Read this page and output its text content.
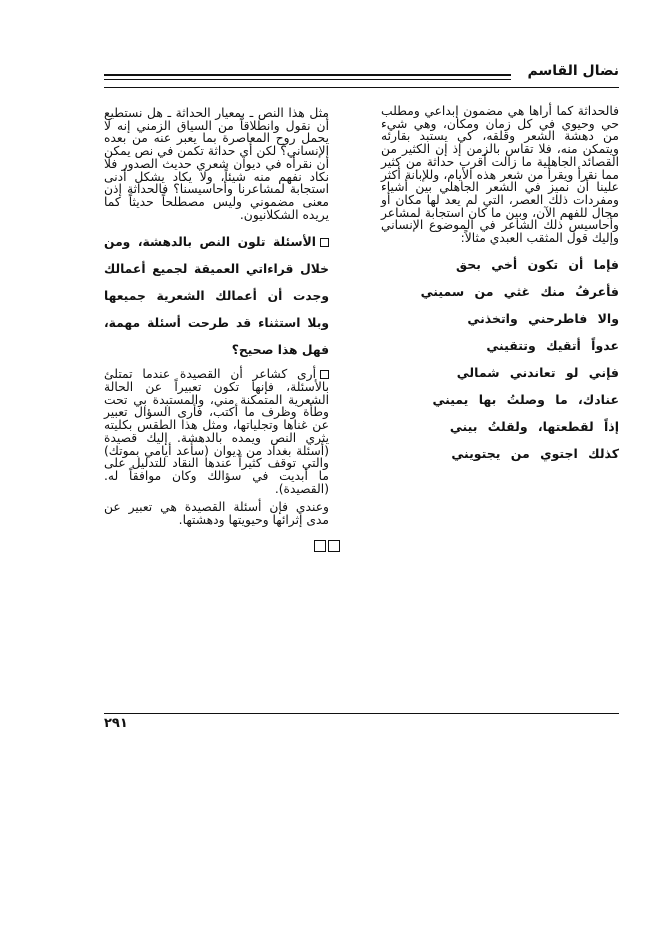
نضال القاسم

فالحداثة كما أراها هي مضمون إبداعي ومطلب حي وحيوي في كل زمان ومكان، وهي شيء من دهشة الشعر وقلقه، كي يستبد بقارئه ويتمكن منه، فلا تقاس بالزمن إذ إن الكثير من القصائد الجاهلية ما زالت أقرب حداثة من كثير مما نقرأ ويقرأ من شعر هذه الأيام، وللإبانة أكثر علينا أن نميز في الشعر الجاهلي بين أشياء ومفردات ذلك العصر، التي لم يعد لها مكان أو مجال للفهم الآن، وبين ما كان استجابة لمشاعر وأحاسيس ذلك الشاعر في الموضوع الإنساني وإليك قول المثقب العبدي مثالاً:

فإما أن تكون أخي بحق
فأعرفُ منك غثي من سميني
والا فاطرحني واتخذني
عدواً أتقيك وتتقيني
فإني لو تعاندني شمالي
عنادك، ما وصلتُ بها يميني
إذاً لقطعتها، ولقلتُ بيني
كذلك اجتوي من يجتويني

مثل هذا النص ـ بمعيار الحداثة ـ هل نستطيع أن نقول وانطلاقاً من السياق الزمني إنه لا يحمل روح المعاصرة بما يعبر عنه من بعده الإنساني؟ لكن أي حداثة تكمن في نص يمكن أن نقرأه في ديوان شعري حديث الصدور فلا نكاد نفهم منه شيئاً، ولا يكاد يشكل أدنى استجابة لمشاعرنا وأحاسيسنا؟ فالحداثة إذن معنى مضموني وليس مصطلحاً حديثاً كما يريده الشكلانيون.

الأسئلة تلون النص بالدهشة، ومن خلال قراءاتي العميقة لجميع أعمالك وجدت أن أعمالك الشعرية جميعها وبلا استثناء قد طرحت أسئلة مهمة، فهل هذا صحيح؟

أرى كشاعر أن القصيدة عندما تمتلئ بالأسئلة، فإنها تكون تعبيراً عن الحالة الشعرية المتمكنة مني، والمستبدة بي تحت وطأة وظرف ما أكتب، فأرى السؤال تعبير عن غناها وتجلياتها، ومثل هذا الطقس بكليته يثري النص ويمده بالدهشة. إليك قصيدة (أسئلة بغداد من ديوان (سأعد أيامي بموتك) والتي توقف كثيراً عندها النقاد للتدليل على ما أبديت في سؤالك وكان موافقاً له. (القصيدة).

وعندي فإن أسئلة القصيدة هي تعبير عن مدى إثرائها وحيويتها ودهشتها.

٢٩١
